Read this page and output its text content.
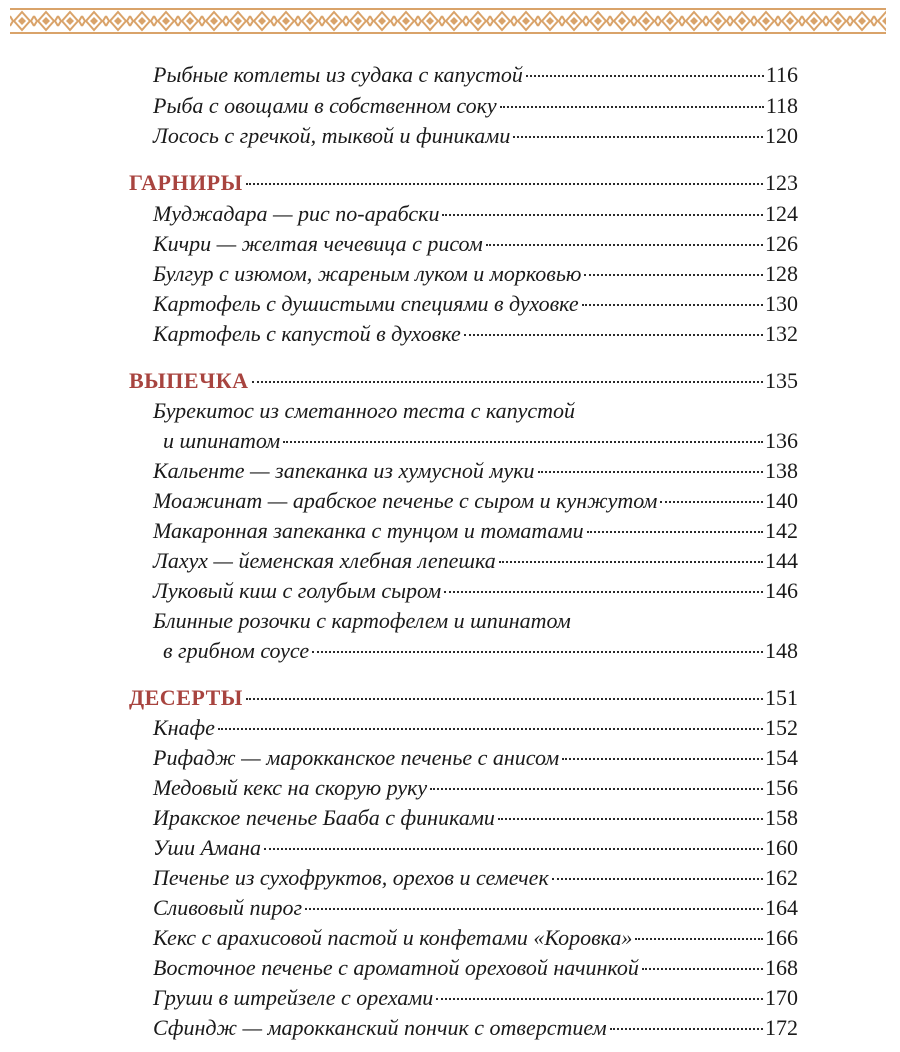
Рыбные котлеты из судака с капустой	116
Рыба с овощами в собственном соку	118
Лосось с гречкой, тыквой и финиками	120
ГАРНИРЫ	123
Муджадара — рис по-арабски	124
Кичри — желтая чечевица с рисом	126
Булгур с изюмом, жареным луком и морковью	128
Картофель с душистыми специями в духовке	130
Картофель с капустой в духовке	132
ВЫПЕЧКА	135
Бурекитос из сметанного теста с капустой
и шпинатом	136
Кальенте — запеканка из хумусной муки	138
Моажинат — арабское печенье с сыром и кунжутом	140
Макаронная запеканка с тунцом и томатами	142
Лахух — йеменская хлебная лепешка	144
Луковый киш с голубым сыром	146
Блинные розочки с картофелем и шпинатом
в грибном соусе	148
ДЕСЕРТЫ	151
Кнафе	152
Рифадж — марокканское печенье с анисом	154
Медовый кекс на скорую руку	156
Иракское печенье Бааба с финиками	158
Уши Амана	160
Печенье из сухофруктов, орехов и семечек	162
Сливовый пирог	164
Кекс с арахисовой пастой и конфетами «Коровка»	166
Восточное печенье с ароматной ореховой начинкой	168
Груши в штрейзеле с орехами	170
Сфиндж — марокканский пончик с отверстием	172
